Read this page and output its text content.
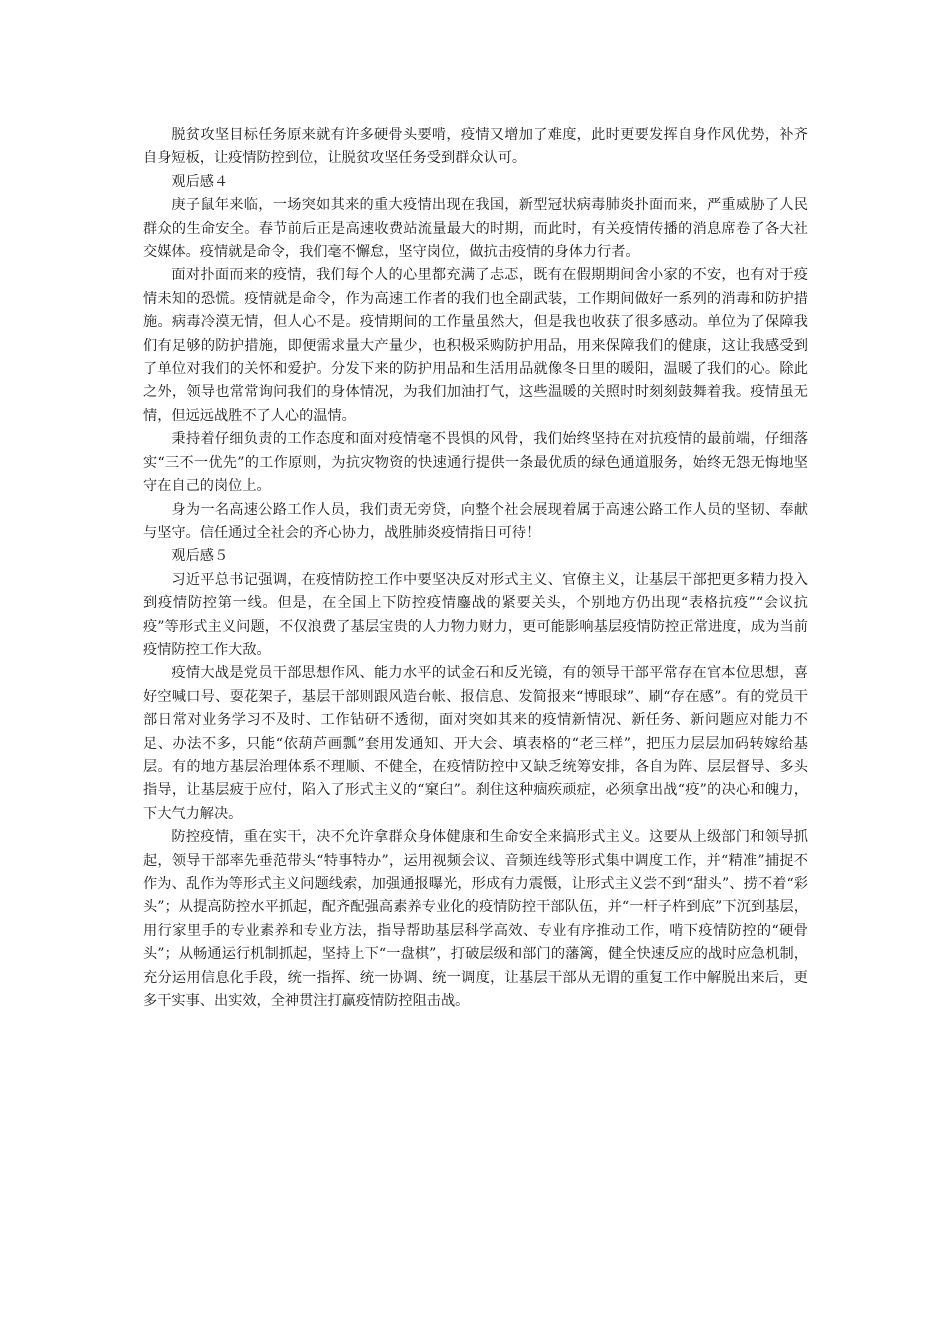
脱贫攻坚目标任务原来就有许多硬骨头要啃，疫情又增加了难度，此时更要发挥自身作风优势，补齐自身短板，让疫情防控到位，让脱贫攻坚任务受到群众认可。

观后感４

庚子鼠年来临，一场突如其来的重大疫情出现在我国，新型冠状病毒肺炎扑面而来，严重威胁了人民群众的生命安全。春节前后正是高速收费站流量最大的时期，而此时，有关疫情传播的消息席卷了各大社交媒体。疫情就是命令，我们毫不懈怠，坚守岗位，做抗击疫情的身体力行者。

面对扑面而来的疫情，我们每个人的心里都充满了忐忑，既有在假期期间舍小家的不安，也有对于疫情未知的恐慌。疫情就是命令，作为高速工作者的我们也全副武装，工作期间做好一系列的消毒和防护措施。病毒冷漠无情，但人心不是。疫情期间的工作量虽然大，但是我也收获了很多感动。单位为了保障我们有足够的防护措施，即便需求量大产量少，也积极采购防护用品，用来保障我们的健康，这让我感受到了单位对我们的关怀和爱护。分发下来的防护用品和生活用品就像冬日里的暖阳，温暖了我们的心。除此之外，领导也常常询问我们的身体情况，为我们加油打气，这些温暖的关照时时刻刻鼓舞着我。疫情虽无情，但远远战胜不了人心的温情。

秉持着仔细负责的工作态度和面对疫情毫不畏惧的风骨，我们始终坚持在对抗疫情的最前端，仔细落实“三不一优先”的工作原则，为抗灾物资的快速通行提供一条最优质的绿色通道服务，始终无怨无悔地坚守在自己的岗位上。

身为一名高速公路工作人员，我们责无旁贷，向整个社会展现着属于高速公路工作人员的坚韧、奉献与坚守。信任通过全社会的齐心协力，战胜肺炎疫情指日可待！

观后感５

习近平总书记强调，在疫情防控工作中要坚决反对形式主义、官僚主义，让基层干部把更多精力投入到疫情防控第一线。但是，在全国上下防控疫情鏖战的紧要关头，个别地方仍出现“表格抗疫”“会议抗疫”等形式主义问题，不仅浪费了基层宝贵的人力物力财力，更可能影响基层疫情防控正常进度，成为当前疫情防控工作大敌。

疫情大战是党员干部思想作风、能力水平的试金石和反光镜，有的领导干部平常存在官本位思想，喜好空喊口号、耍花架子，基层干部则跟风造台帐、报信息、发简报来“博眼球”、刷“存在感”。有的党员干部日常对业务学习不及时、工作钻研不透彻，面对突如其来的疫情新情况、新任务、新问题应对能力不足、办法不多，只能“依葫芦画瓢”套用发通知、开大会、填表格的“老三样”，把压力层层加码转嫁给基层。有的地方基层治理体系不理顺、不健全，在疫情防控中又缺乏统筹安排，各自为阵、层层督导、多头指导，让基层疲于应付，陷入了形式主义的“窠臼”。刹住这种痼疾顽症，必须拿出战“疫”的决心和魄力，下大气力解决。

防控疫情，重在实干，决不允许拿群众身体健康和生命安全来搞形式主义。这要从上级部门和领导抓起，领导干部率先垂范带头“特事特办”，运用视频会议、音频连线等形式集中调度工作，并“精准”捕捉不作为、乱作为等形式主义问题线索，加强通报曝光，形成有力震慑，让形式主义尝不到“甜头”、捞不着“彩头”；从提高防控水平抓起，配齐配强高素养专业化的疫情防控干部队伍，并“一杆子杵到底”下沉到基层，用行家里手的专业素养和专业方法，指导帮助基层科学高效、专业有序推动工作，啃下疫情防控的“硬骨头”；从畅通运行机制抓起，坚持上下“一盘棋”，打破层级和部门的藩篱，健全快速反应的战时应急机制，充分运用信息化手段，统一指挥、统一协调、统一调度，让基层干部从无谓的重复工作中解脱出来后，更多干实事、出实效，全神贯注打赢疫情防控阻击战。
